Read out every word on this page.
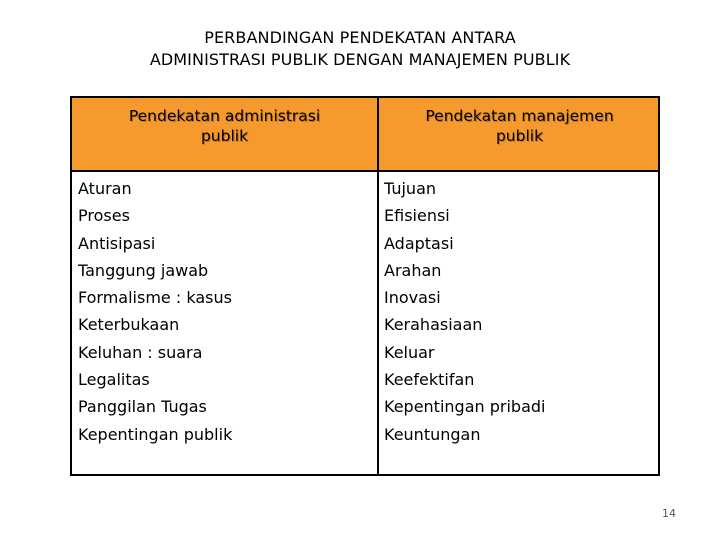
PERBANDINGAN PENDEKATAN ANTARA
ADMINISTRASI PUBLIK DENGAN MANAJEMEN PUBLIK
Pendekatan administrasi
publik
Pendekatan manajemen
publik
Aturan
Proses
Antisipasi
Tanggung jawab
Formalisme : kasus
Keterbukaan
Keluhan : suara
Legalitas
Panggilan Tugas
Kepentingan publik
Tujuan
Efisiensi
Adaptasi
Arahan
Inovasi
Kerahasiaan
Keluar
Keefektifan
Kepentingan pribadi
Keuntungan
14
